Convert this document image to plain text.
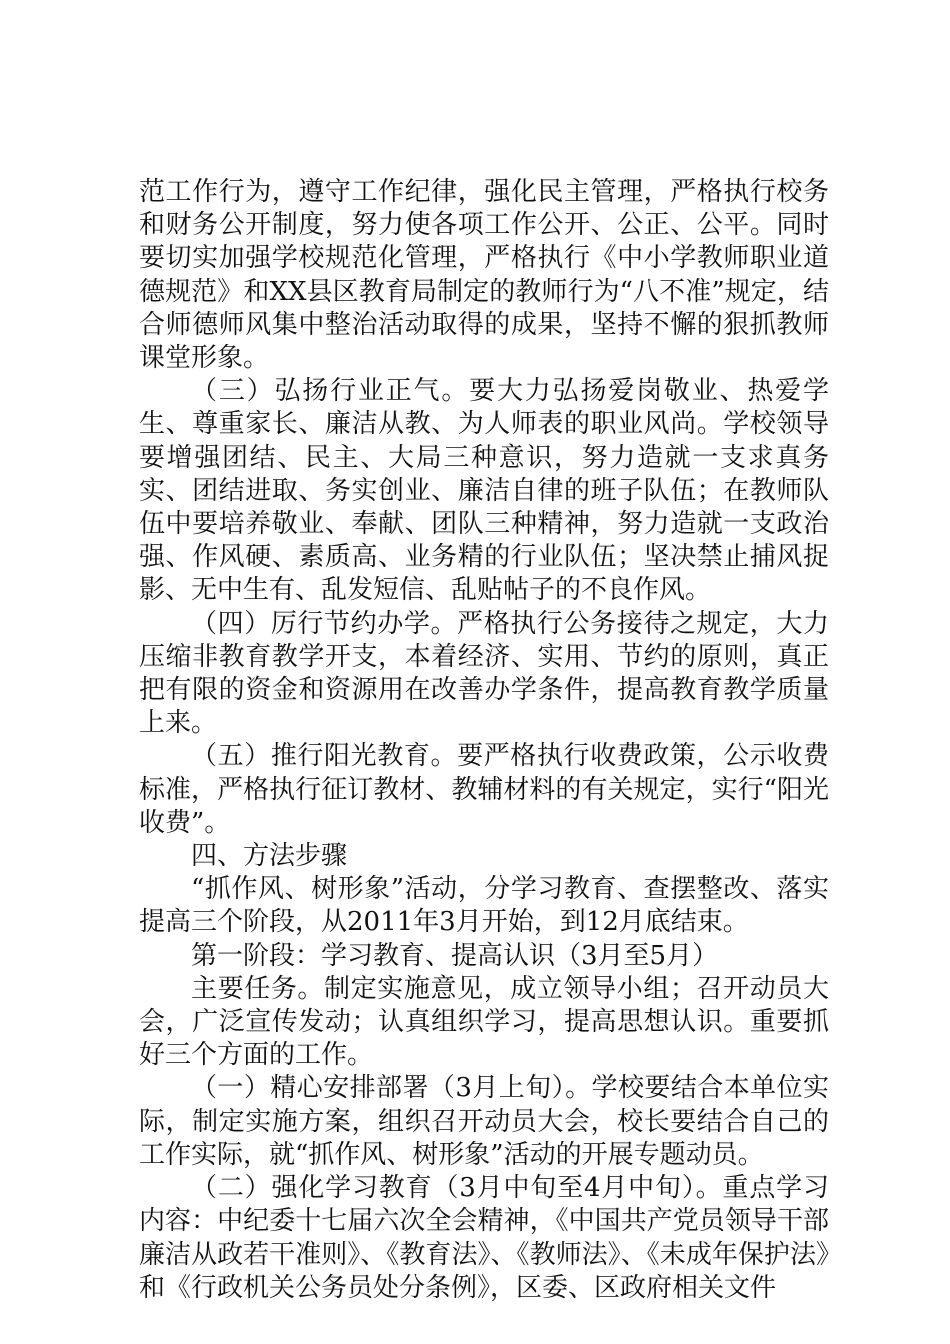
范工作行为，遵守工作纪律，强化民主管理，严格执行校务和财务公开制度，努力使各项工作公开、公正、公平。同时要切实加强学校规范化管理，严格执行《中小学教师职业道德规范》和XX县区教育局制定的教师行为“八不准”规定，结合师德师风集中整治活动取得的成果，坚持不懈的狠抓教师课堂形象。

（三）弘扬行业正气。要大力弘扬爱岗敬业、热爱学生、尊重家长、廉洁从教、为人师表的职业风尚。学校领导要增强团结、民主、大局三种意识，努力造就一支求真务实、团结进取、务实创业、廉洁自律的班子队伍；在教师队伍中要培养敬业、奉献、团队三种精神，努力造就一支政治强、作风硬、素质高、业务精的行业队伍；坚决禁止捕风捉影、无中生有、乱发短信、乱贴帖子的不良作风。

（四）厉行节约办学。严格执行公务接待之规定，大力压缩非教育教学开支，本着经济、实用、节约的原则，真正把有限的资金和资源用在改善办学条件，提高教育教学质量上来。

（五）推行阳光教育。要严格执行收费政策，公示收费标准，严格执行征订教材、教辅材料的有关规定，实行“阳光收费”。

四、方法步骤

“抓作风、树形象”活动，分学习教育、查摆整改、落实提高三个阶段，从2011年3月开始，到12月底结束。

第一阶段：学习教育、提高认识（3月至5月）

主要任务。制定实施意见，成立领导小组；召开动员大会，广泛宣传发动；认真组织学习，提高思想认识。重要抓好三个方面的工作。

（一）精心安排部署（3月上旬）。学校要结合本单位实际，制定实施方案，组织召开动员大会，校长要结合自己的工作实际，就“抓作风、树形象”活动的开展专题动员。

（二）强化学习教育（3月中旬至4月中旬）。重点学习内容：中纪委十七届六次全会精神，《中国共产党员领导干部廉洁从政若干准则》、《教育法》、《教师法》、《未成年保护法》和《行政机关公务员处分条例》，区委、区政府相关文件
